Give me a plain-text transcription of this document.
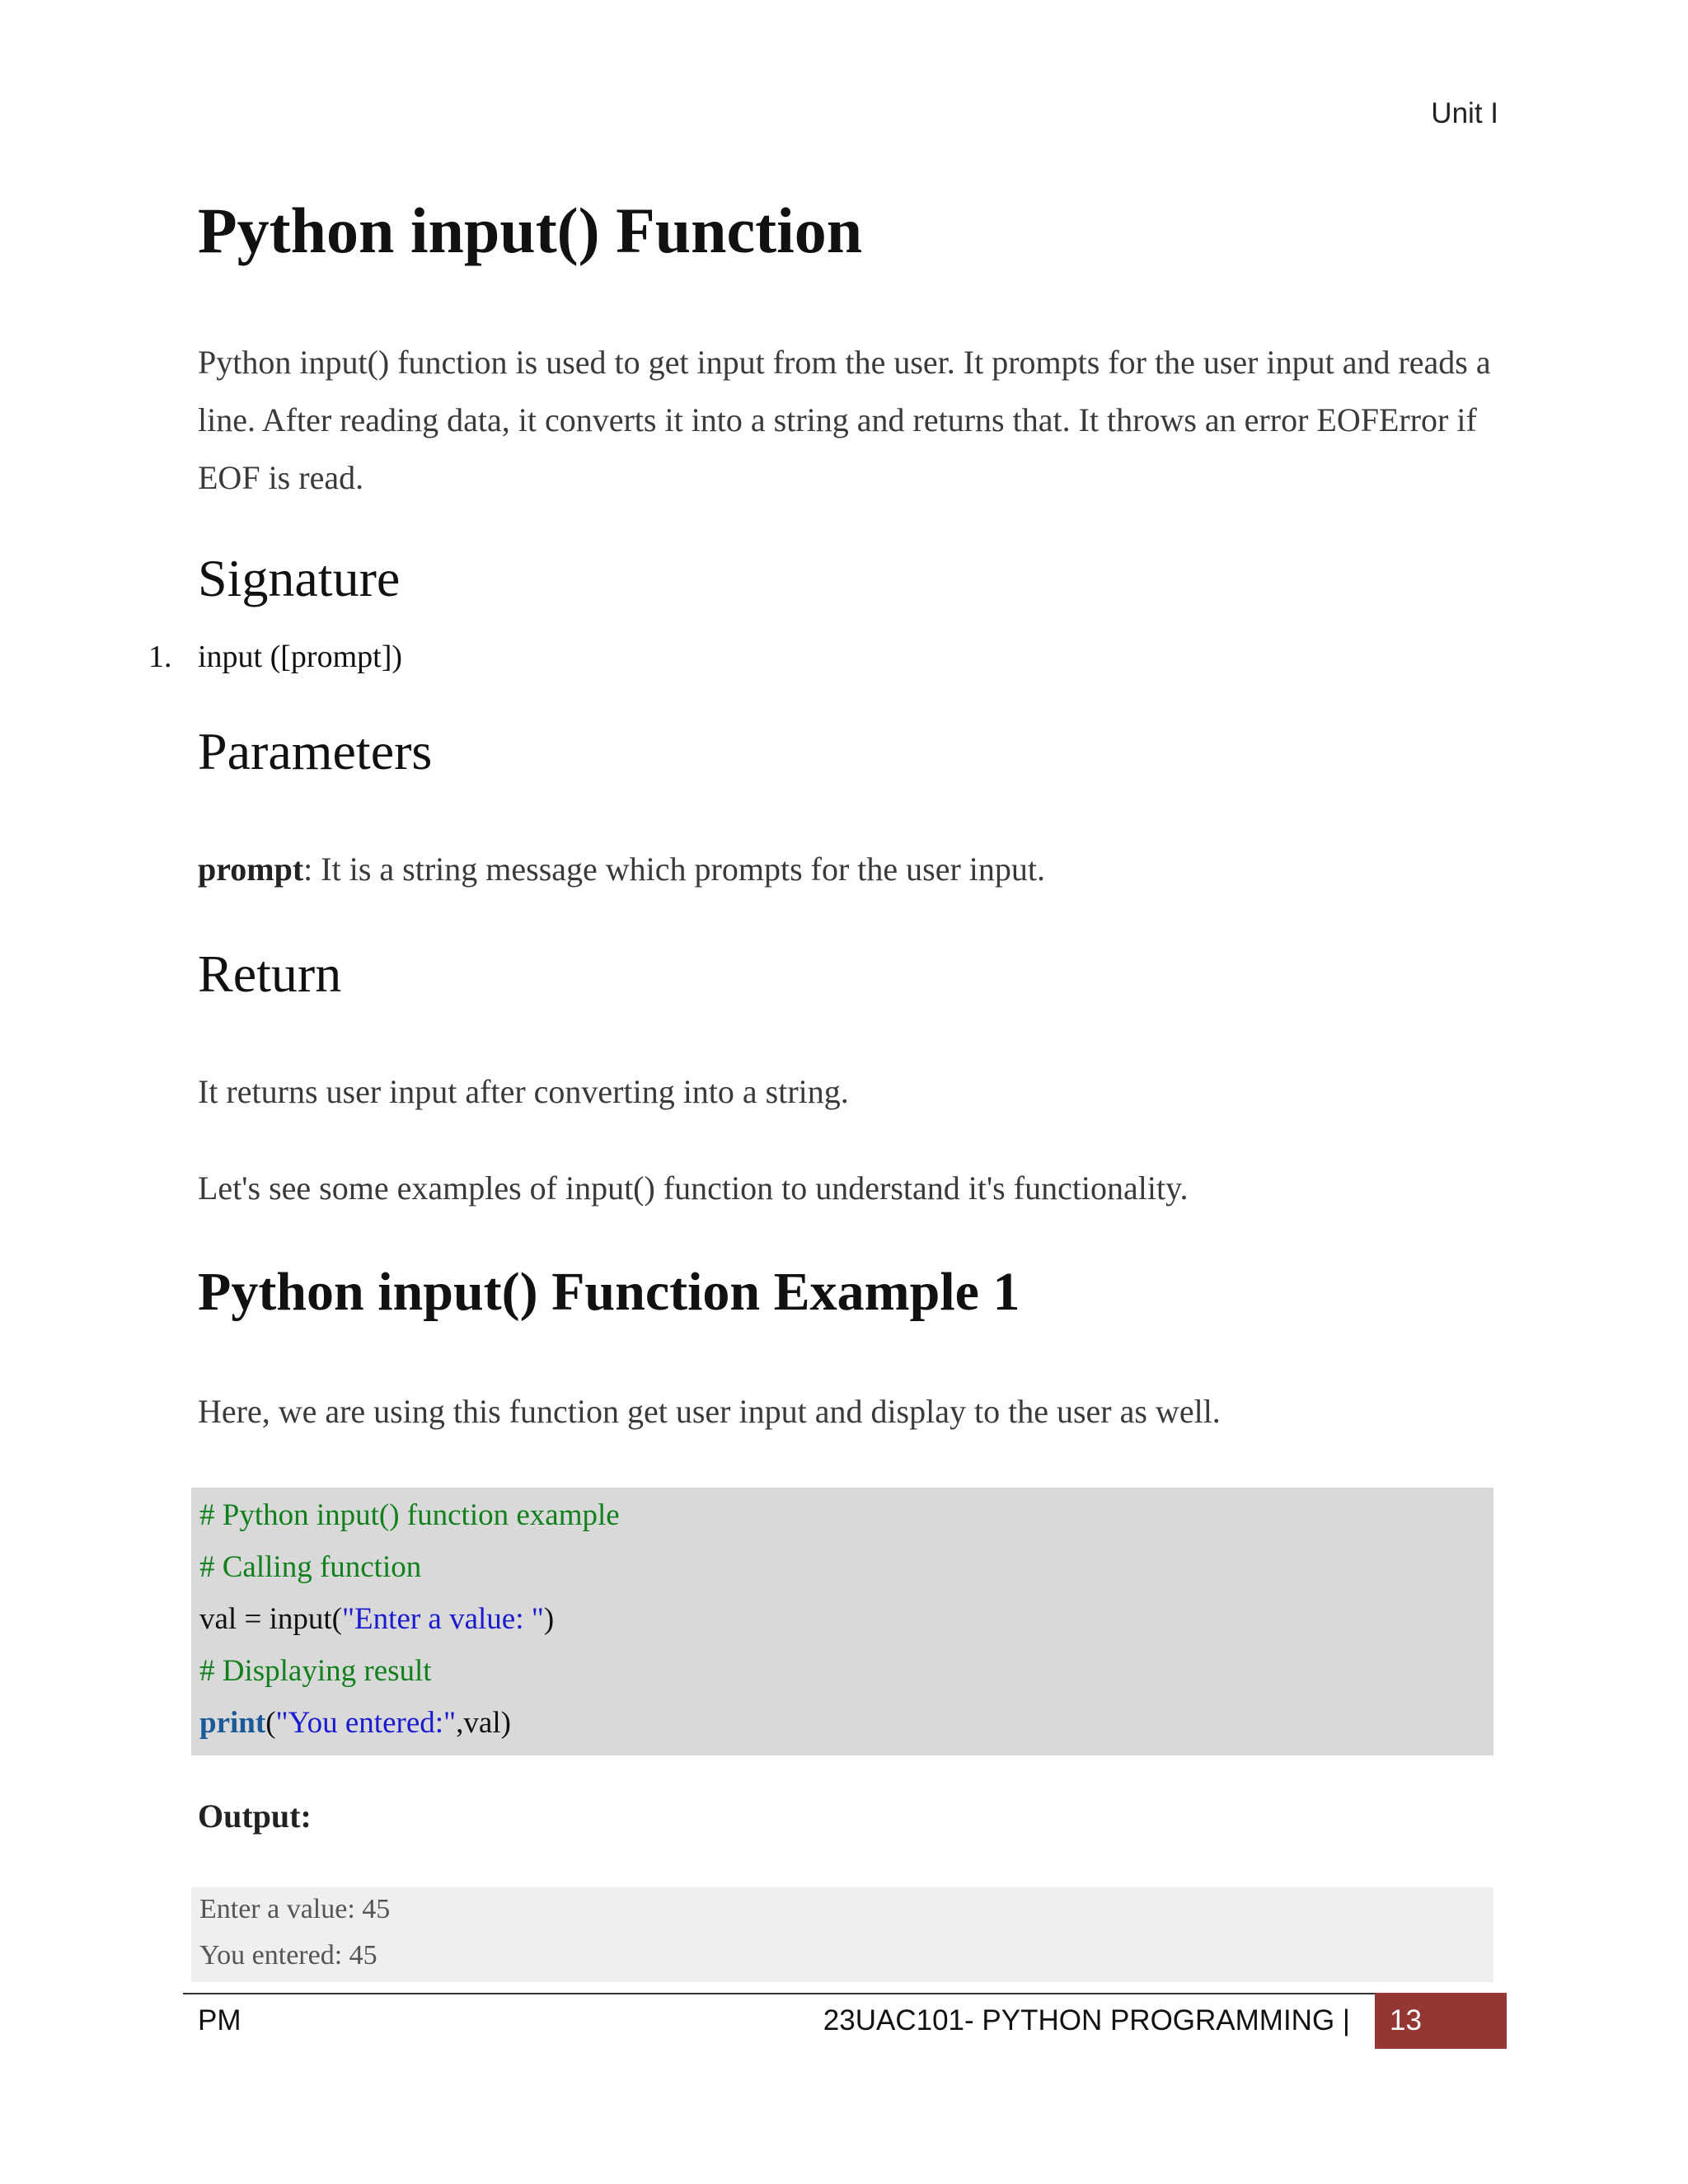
Unit I
Python input() Function

Python input() function is used to get input from the user. It prompts for the user input and reads a line. After reading data, it converts it into a string and returns that. It throws an error EOFError if EOF is read.

Signature
1. input ([prompt])
Parameters

prompt: It is a string message which prompts for the user input.

Return

It returns user input after converting into a string.

Let's see some examples of input() function to understand it's functionality.

Python input() Function Example 1

Here, we are using this function get user input and display to the user as well.

# Python input() function example
# Calling function
val = input("Enter a value: ")
# Displaying result
print("You entered:",val)
Output:
Enter a value: 45
You entered: 45
PM	23UAC101- PYTHON PROGRAMMING |	13
